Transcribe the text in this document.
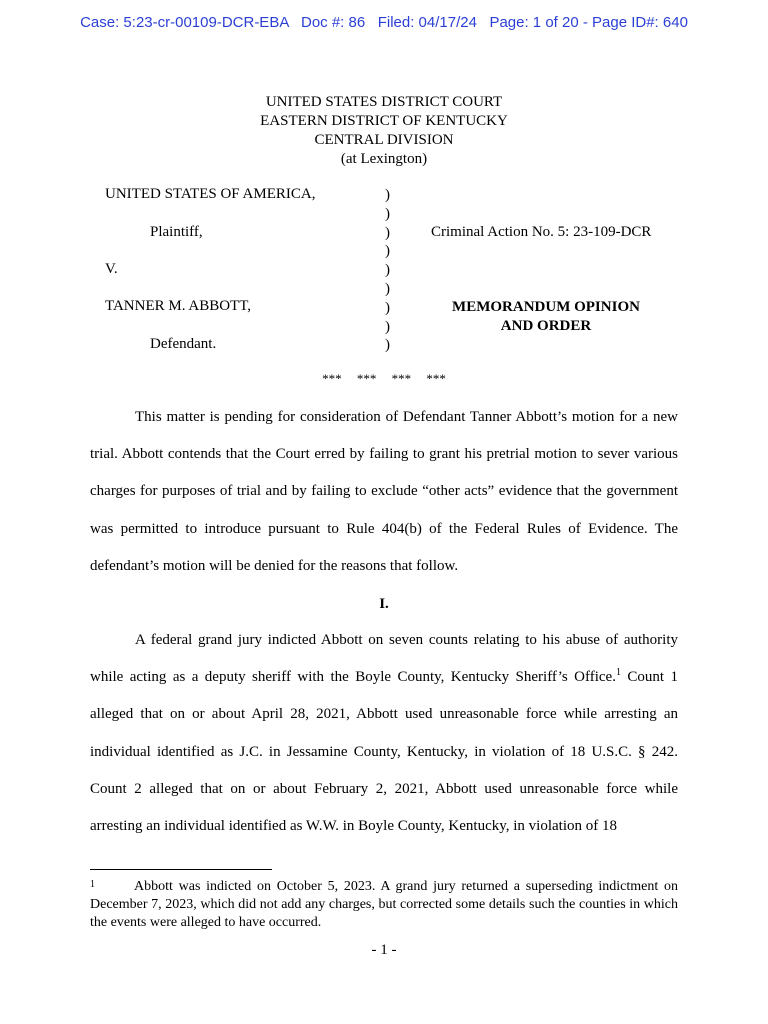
Case: 5:23-cr-00109-DCR-EBA   Doc #: 86   Filed: 04/17/24   Page: 1 of 20 - Page ID#: 640
UNITED STATES DISTRICT COURT
EASTERN DISTRICT OF KENTUCKY
CENTRAL DIVISION
(at Lexington)
UNITED STATES OF AMERICA,
Plaintiff,
V.
TANNER M. ABBOTT,
Defendant.
)
)
)
)
)
)
)
)
)
Criminal Action No. 5: 23-109-DCR
MEMORANDUM OPINION
AND ORDER
*** *** *** ***

This matter is pending for consideration of Defendant Tanner Abbott’s motion for a new trial. Abbott contends that the Court erred by failing to grant his pretrial motion to sever various charges for purposes of trial and by failing to exclude “other acts” evidence that the government was permitted to introduce pursuant to Rule 404(b) of the Federal Rules of Evidence. The defendant’s motion will be denied for the reasons that follow.

I.

A federal grand jury indicted Abbott on seven counts relating to his abuse of authority while acting as a deputy sheriff with the Boyle County, Kentucky Sheriff’s Office.$^1$ Count 1 alleged that on or about April 28, 2021, Abbott used unreasonable force while arresting an individual identified as J.C. in Jessamine County, Kentucky, in violation of 18 U.S.C. § 242. Count 2 alleged that on or about February 2, 2021, Abbott used unreasonable force while arresting an individual identified as W.W. in Boyle County, Kentucky, in violation of 18

1	Abbott was indicted on October 5, 2023. A grand jury returned a superseding indictment on December 7, 2023, which did not add any charges, but corrected some details such the counties in which the events were alleged to have occurred.
- 1 -
